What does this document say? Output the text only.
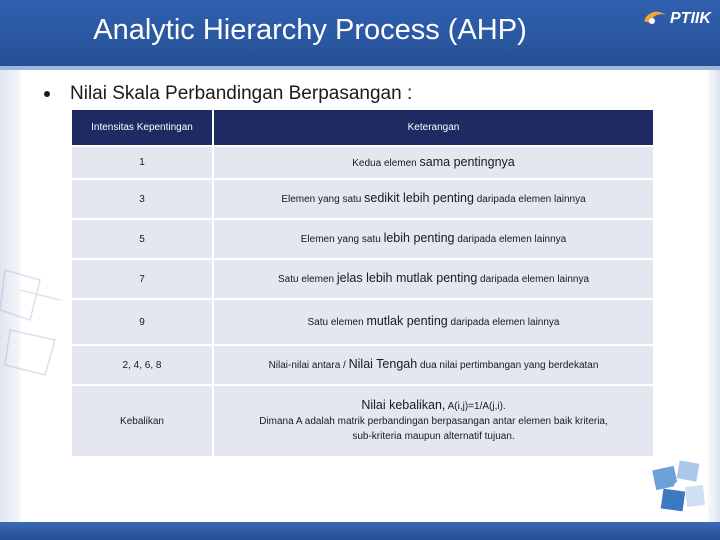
Analytic Hierarchy Process (AHP)	PTIIK
Nilai Skala Perbandingan Berpasangan :
Intensitas Kepentingan	Keterangan
1	Kedua elemen sama pentingnya
3	Elemen yang satu sedikit lebih penting daripada elemen lainnya
5	Elemen yang satu lebih penting daripada elemen lainnya
7	Satu elemen jelas lebih mutlak penting daripada elemen lainnya
9	Satu elemen mutlak penting daripada elemen lainnya
2, 4, 6, 8	Nilai-nilai antara / Nilai Tengah dua nilai pertimbangan yang berdekatan
Kebalikan	Nilai kebalikan, A(i,j)=1/A(j,i).
Dimana A adalah matrik perbandingan berpasangan antar elemen baik kriteria,
sub-kriteria maupun alternatif tujuan.
